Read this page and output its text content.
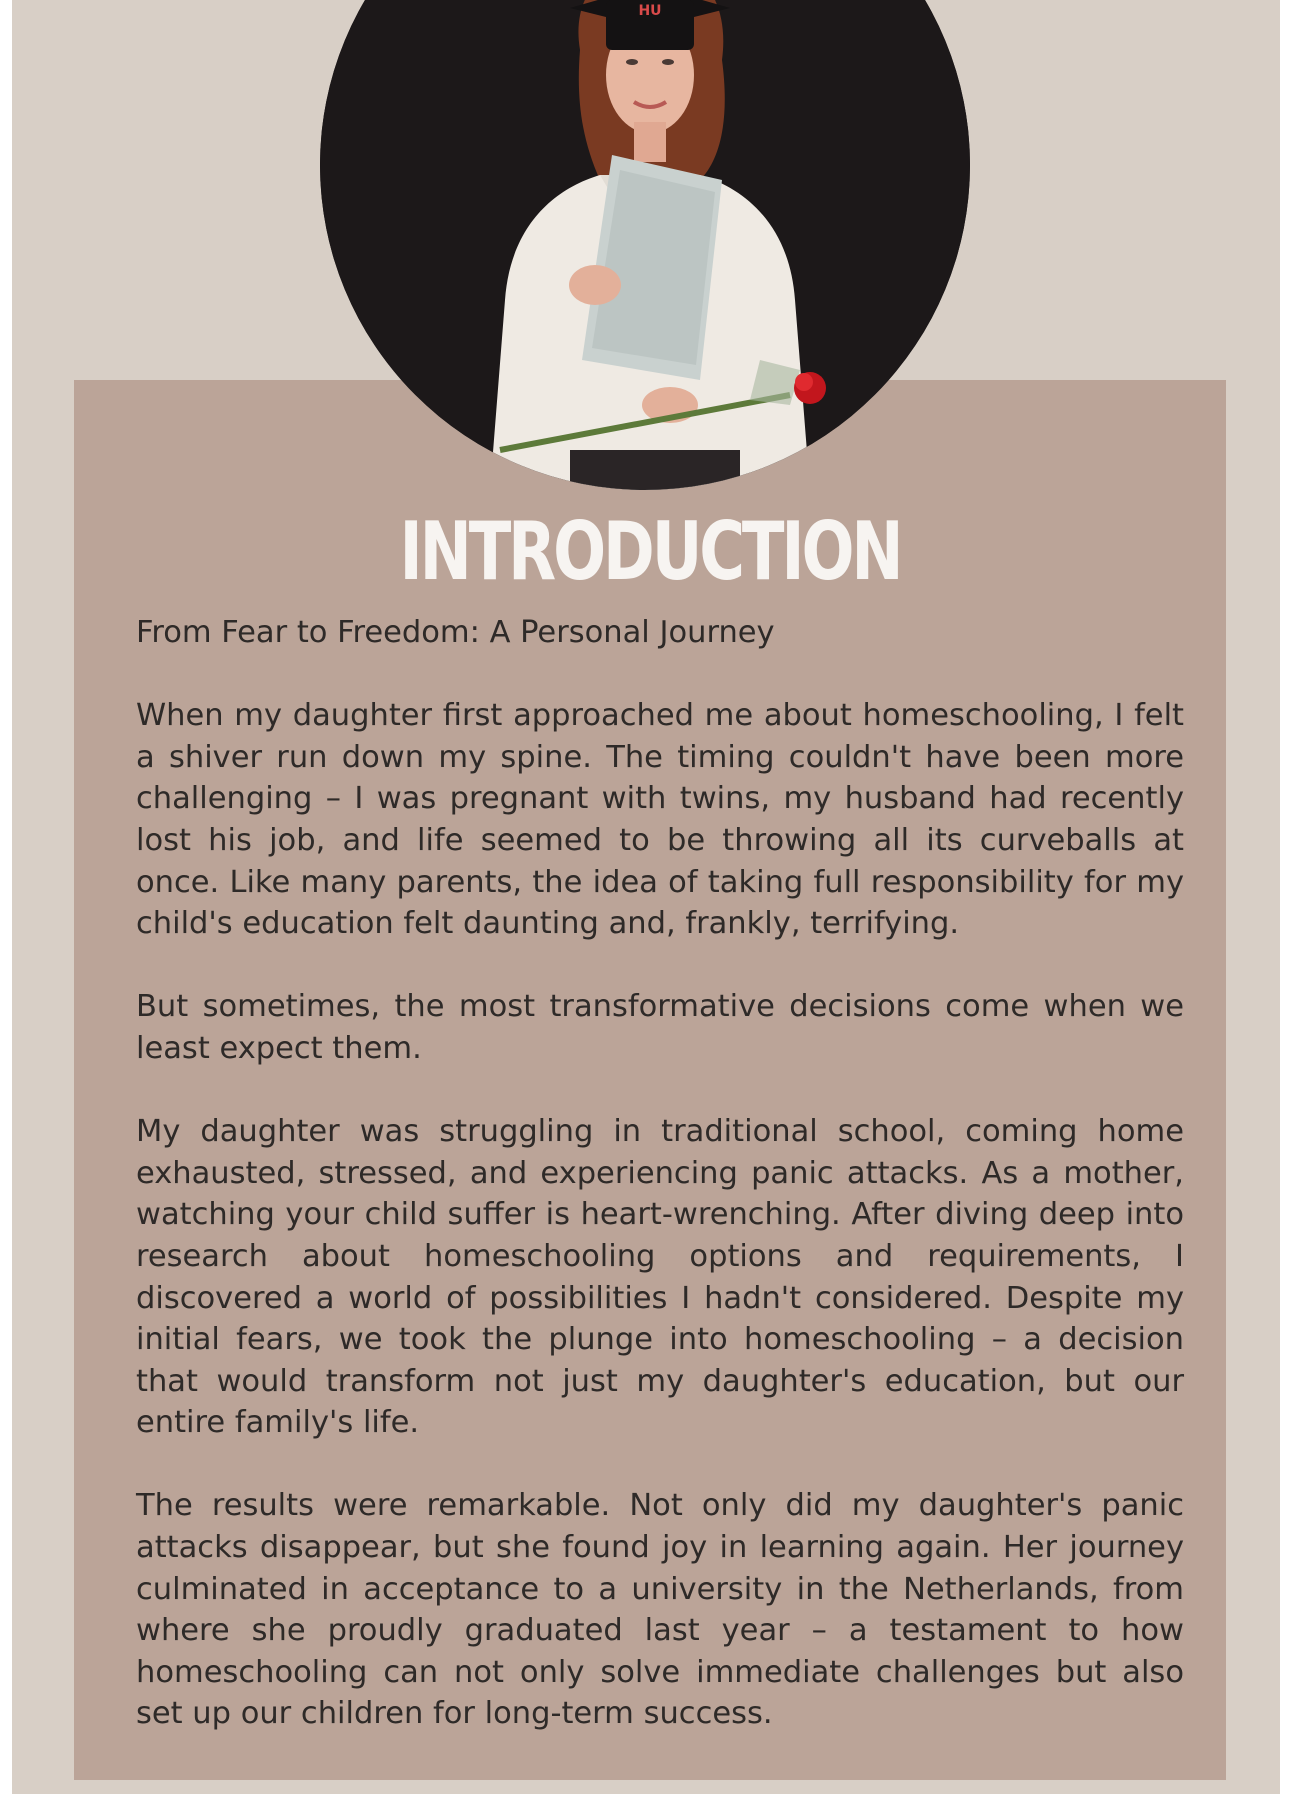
HU
INTRODUCTION

From Fear to Freedom: A Personal Journey

When my daughter first approached me about homeschooling, I felt a shiver run down my spine. The timing couldn't have been more challenging – I was pregnant with twins, my husband had recently lost his job, and life seemed to be throwing all its curveballs at once. Like many parents, the idea of taking full responsibility for my child's education felt daunting and, frankly, terrifying.

But sometimes, the most transformative decisions come when we least expect them.

My daughter was struggling in traditional school, coming home exhausted, stressed, and experiencing panic attacks. As a mother, watching your child suffer is heart-wrenching. After diving deep into research about homeschooling options and requirements, I discovered a world of possibilities I hadn't considered. Despite my initial fears, we took the plunge into homeschooling – a decision that would transform not just my daughter's education, but our entire family's life.

The results were remarkable. Not only did my daughter's panic attacks disappear, but she found joy in learning again. Her journey culminated in acceptance to a university in the Netherlands, from where she proudly graduated last year – a testament to how homeschooling can not only solve immediate challenges but also set up our children for long-term success.
